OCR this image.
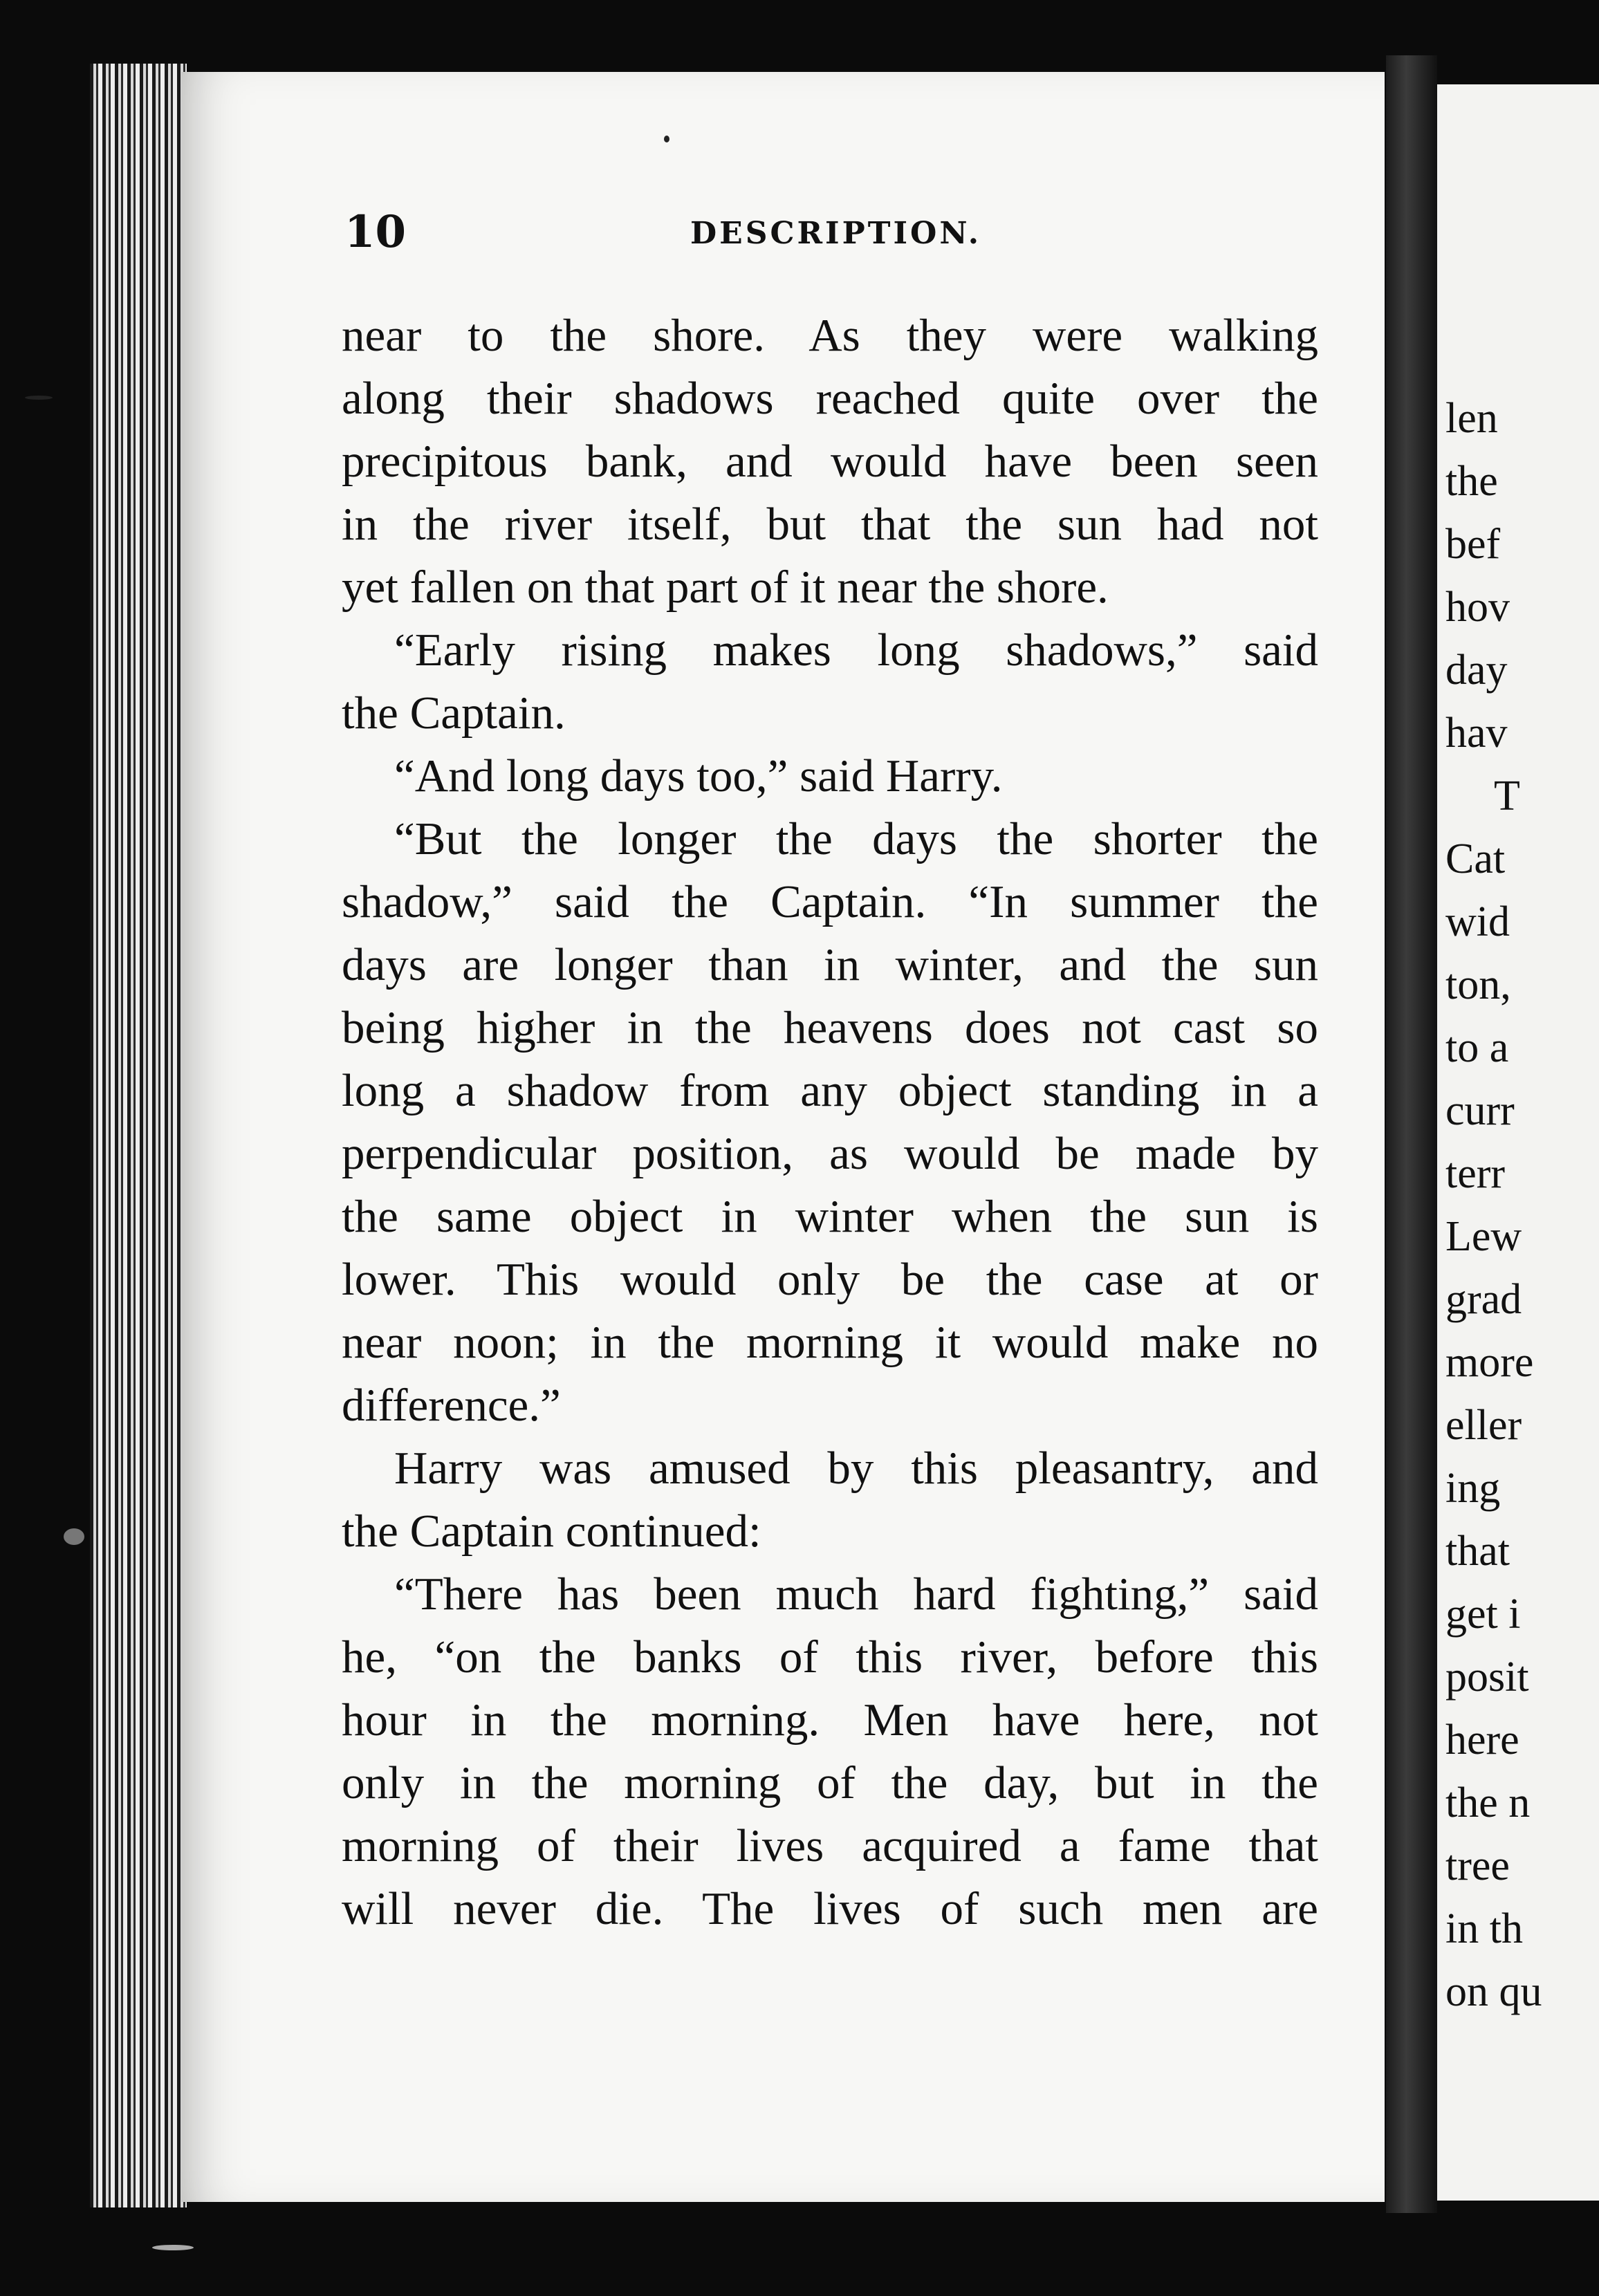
10	DESCRIPTION.

near to the shore. As they were walking

along their shadows reached quite over the

precipitous bank, and would have been seen

in the river itself, but that the sun had not

yet fallen on that part of it near the shore.

“Early rising makes long shadows,” said

the Captain.

“And long days too,” said Harry.

“But the longer the days the shorter the

shadow,” said the Captain. “In summer the

days are longer than in winter, and the sun

being higher in the heavens does not cast so

long a shadow from any object standing in a

perpendicular position, as would be made by

the same object in winter when the sun is

lower. This would only be the case at or

near noon; in the morning it would make no

difference.”

Harry was amused by this pleasantry, and

the Captain continued:

“There has been much hard fighting,” said

he, “on the banks of this river, before this

hour in the morning. Men have here, not

only in the morning of the day, but in the

morning of their lives acquired a fame that

will never die. The lives of such men are

len
the
bef
hov
day
hav
T
Cat
wid
ton,
to a
curr
terr
Lew
grad
more
eller
ing
that
get i
posit
here
the n
tree
in th
on qu
